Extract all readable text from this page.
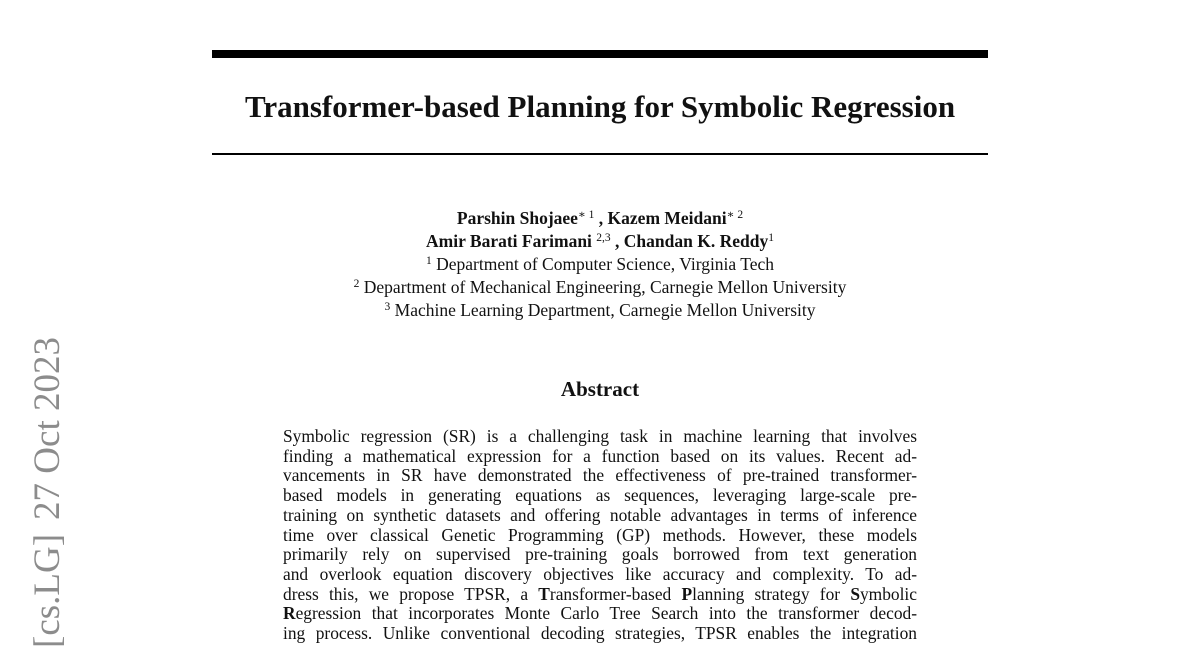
[cs.LG]27 Oct 2023
Transformer-based Planning for Symbolic Regression
Parshin Shojaee$^{∗ 1}$ , Kazem Meidani$^{∗ 2}$
Amir Barati Farimani $^{2,3}$ , Chandan K. Reddy$^1$
$^1$ Department of Computer Science, Virginia Tech
$^2$ Department of Mechanical Engineering, Carnegie Mellon University
$^3$ Machine Learning Department, Carnegie Mellon University
Abstract
Symbolic regression (SR) is a challenging task in machine learning that involves
finding a mathematical expression for a function based on its values. Recent ad-
vancements in SR have demonstrated the effectiveness of pre-trained transformer-
based models in generating equations as sequences, leveraging large-scale pre-
training on synthetic datasets and offering notable advantages in terms of inference
time over classical Genetic Programming (GP) methods. However, these models
primarily rely on supervised pre-training goals borrowed from text generation
and overlook equation discovery objectives like accuracy and complexity. To ad-
dress this, we propose TPSR, a Transformer-based Planning strategy for Symbolic
Regression that incorporates Monte Carlo Tree Search into the transformer decod-
ing process. Unlike conventional decoding strategies, TPSR enables the integration
